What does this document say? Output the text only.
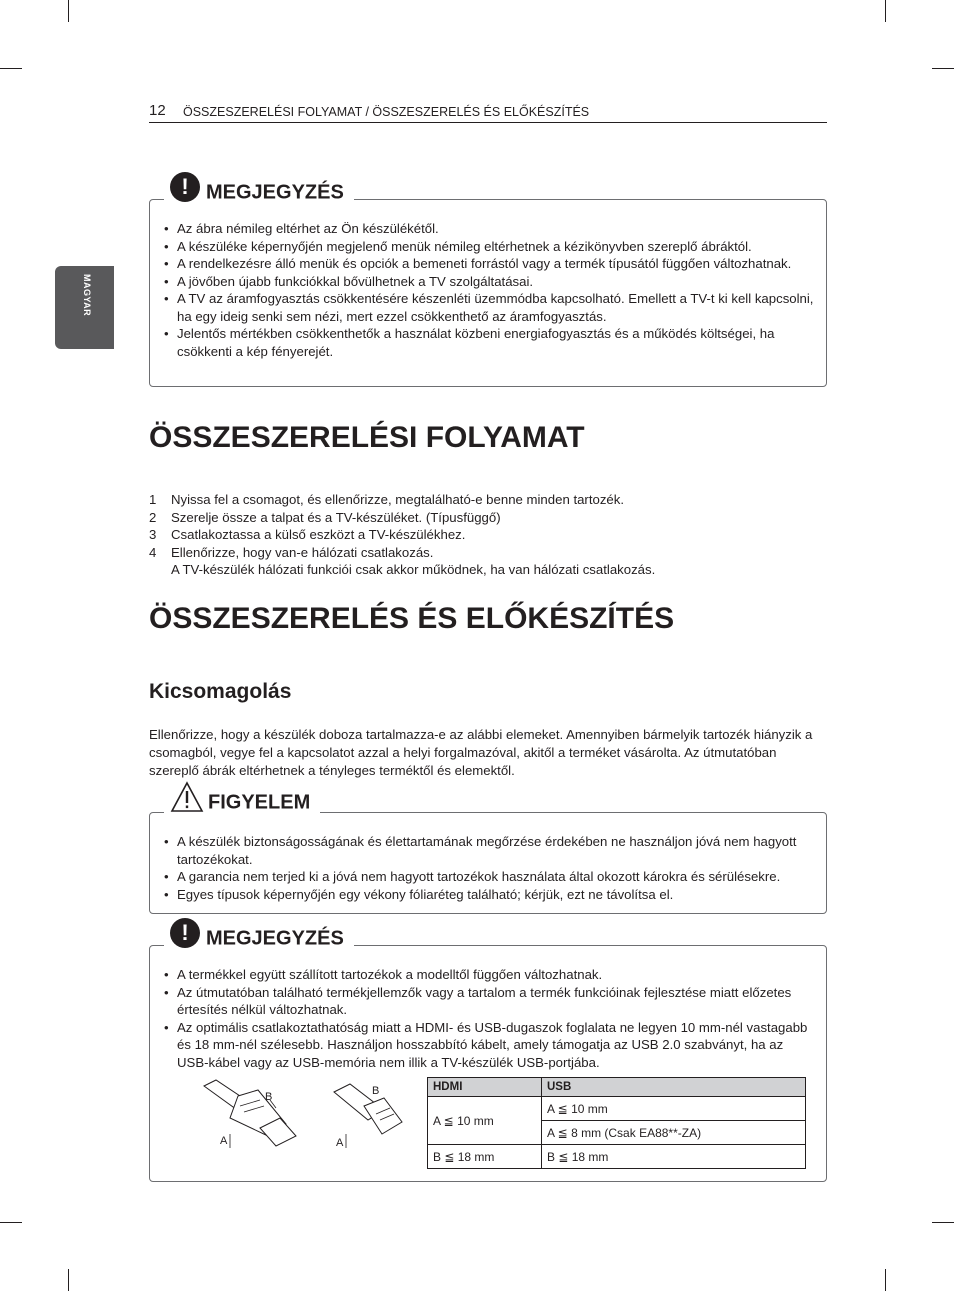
12 ÖSSZESZERELÉSI FOLYAMAT / ÖSSZESZERELÉS ÉS ELŐKÉSZÍTÉS
MAGYAR
! MEGJEGYZÉS
• Az ábra némileg eltérhet az Ön készülékétől.
• A készüléke képernyőjén megjelenő menük némileg eltérhetnek a kézikönyvben szereplő ábráktól.
• A rendelkezésre álló menük és opciók a bemeneti forrástól vagy a termék típusától függően változhatnak.
• A jövőben újabb funkciókkal bővülhetnek a TV szolgáltatásai.
• A TV az áramfogyasztás csökkentésére készenléti üzemmódba kapcsolható. Emellett a TV-t ki kell kapcsolni, ha egy ideig senki sem nézi, mert ezzel csökkenthető az áramfogyasztás.
• Jelentős mértékben csökkenthetők a használat közbeni energiafogyasztás és a működés költségei, ha csökkenti a kép fényerejét.
ÖSSZESZERELÉSI FOLYAMAT
1 Nyissa fel a csomagot, és ellenőrizze, megtalálható-e benne minden tartozék.
2 Szerelje össze a talpat és a TV-készüléket. (Típusfüggő)
3 Csatlakoztassa a külső eszközt a TV-készülékhez.
4 Ellenőrizze, hogy van-e hálózati csatlakozás.
A TV-készülék hálózati funkciói csak akkor működnek, ha van hálózati csatlakozás.
ÖSSZESZERELÉS ÉS ELŐKÉSZÍTÉS
Kicsomagolás

Ellenőrizze, hogy a készülék doboza tartalmazza-e az alábbi elemeket. Amennyiben bármelyik tartozék hiányzik a csomagból, vegye fel a kapcsolatot azzal a helyi forgalmazóval, akitől a terméket vásárolta. Az útmutatóban szereplő ábrák eltérhetnek a tényleges terméktől és elemektől.

FIGYELEM
• A készülék biztonságosságának és élettartamának megőrzése érdekében ne használjon jóvá nem hagyott tartozékokat.
• A garancia nem terjed ki a jóvá nem hagyott tartozékok használata által okozott károkra és sérülésekre.
• Egyes típusok képernyőjén egy vékony fóliaréteg található; kérjük, ezt ne távolítsa el.
! MEGJEGYZÉS
• A termékkel együtt szállított tartozékok a modelltől függően változhatnak.
• Az útmutatóban található termékjellemzők vagy a tartalom a termék funkcióinak fejlesztése miatt előzetes értesítés nélkül változhatnak.
• Az optimális csatlakoztathatóság miatt a HDMI- és USB-dugaszok foglalata ne legyen 10 mm-nél vastagabb és 18 mm-nél szélesebb. Használjon hosszabbító kábelt, amely támogatja az USB 2.0 szabványt, ha az USB-kábel vagy az USB-memória nem illik a TV-készülék USB-portjába.
B
A
B
A
HDMI	USB
A ≦ 10 mm	A ≦ 10 mm
	A ≦ 8 mm (Csak EA88**-ZA)
B ≦ 18 mm	B ≦ 18 mm
